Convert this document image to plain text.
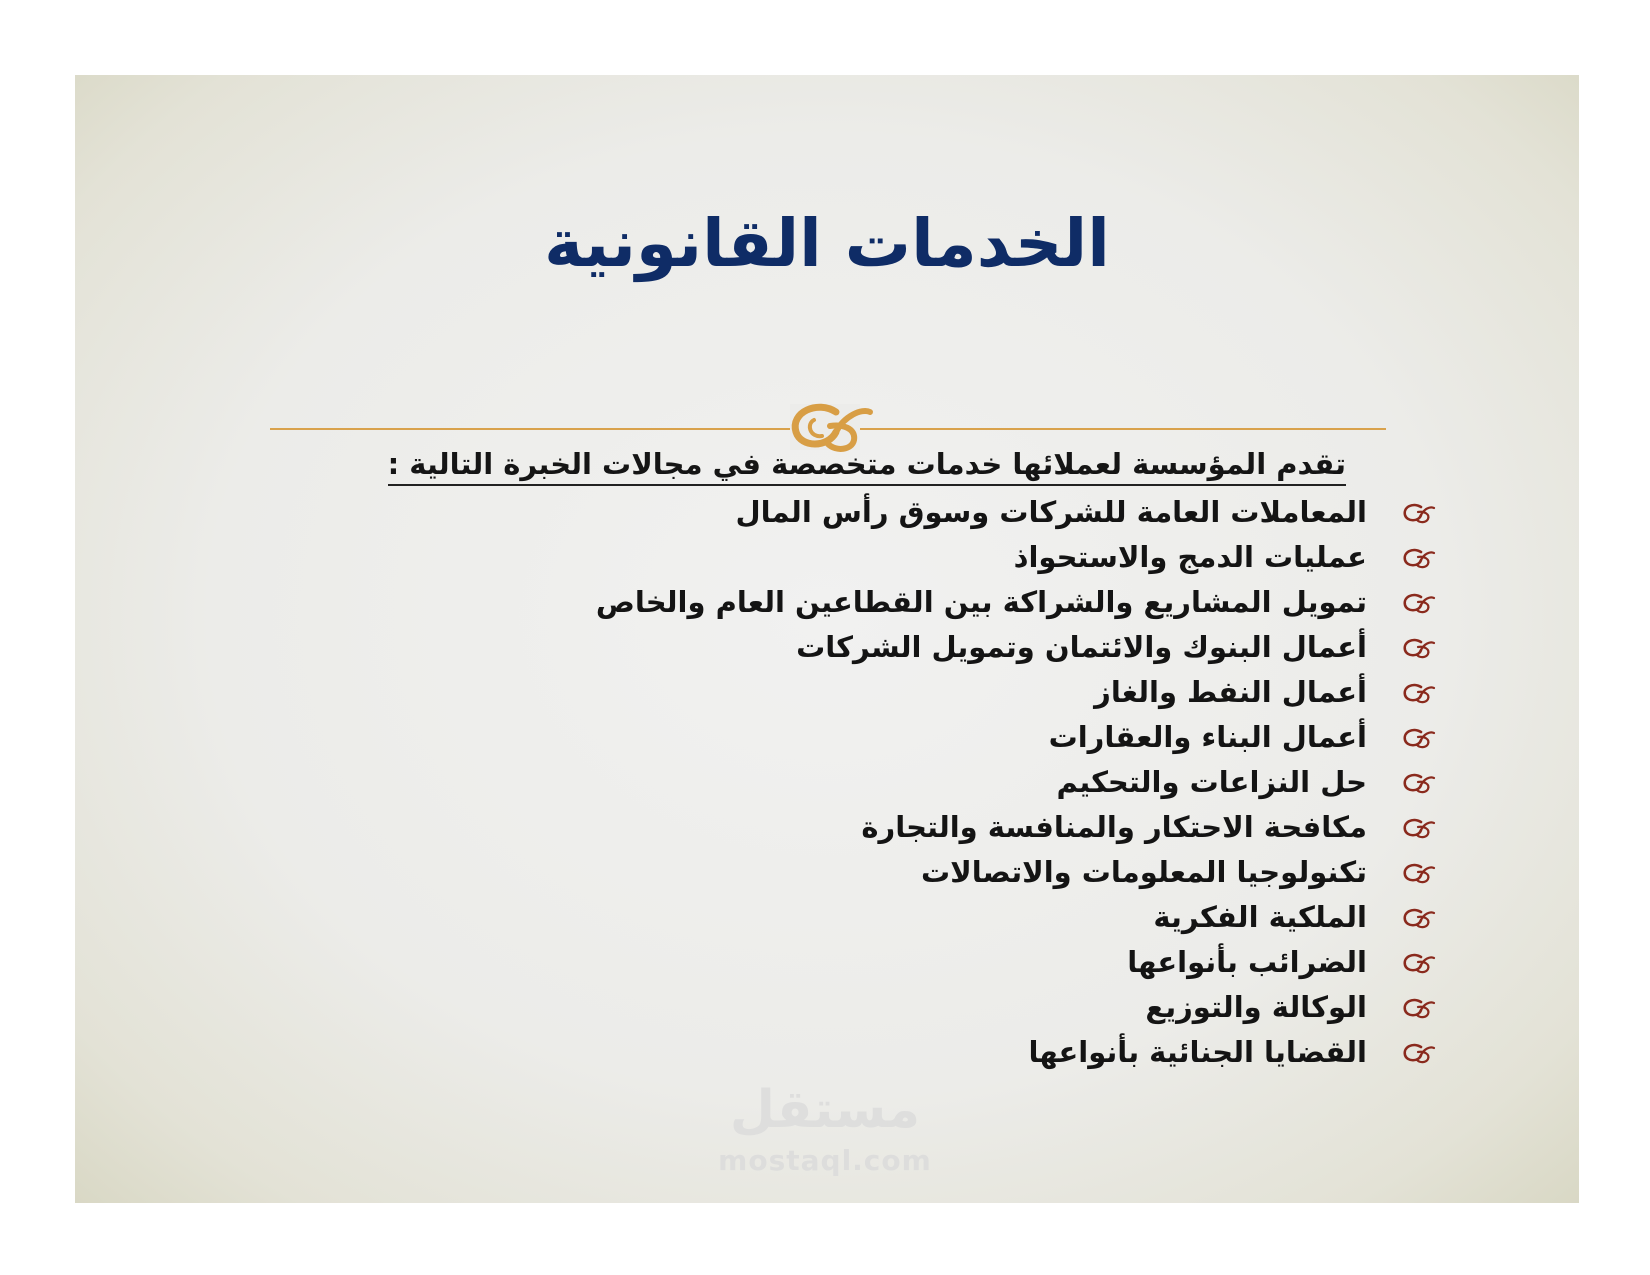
الخدمات القانونية
تقدم المؤسسة لعملائها خدمات متخصصة في مجالات الخبرة التالية :
المعاملات العامة للشركات وسوق رأس المال
عمليات الدمج والاستحواذ
تمويل المشاريع والشراكة بين القطاعين العام والخاص
أعمال البنوك والائتمان وتمويل الشركات
أعمال النفط والغاز
أعمال البناء والعقارات
حل النزاعات والتحكيم
مكافحة الاحتكار والمنافسة والتجارة
تكنولوجيا المعلومات والاتصالات
الملكية الفكرية
الضرائب بأنواعها
الوكالة والتوزيع
القضايا الجنائية بأنواعها
مستقل
mostaql.com
